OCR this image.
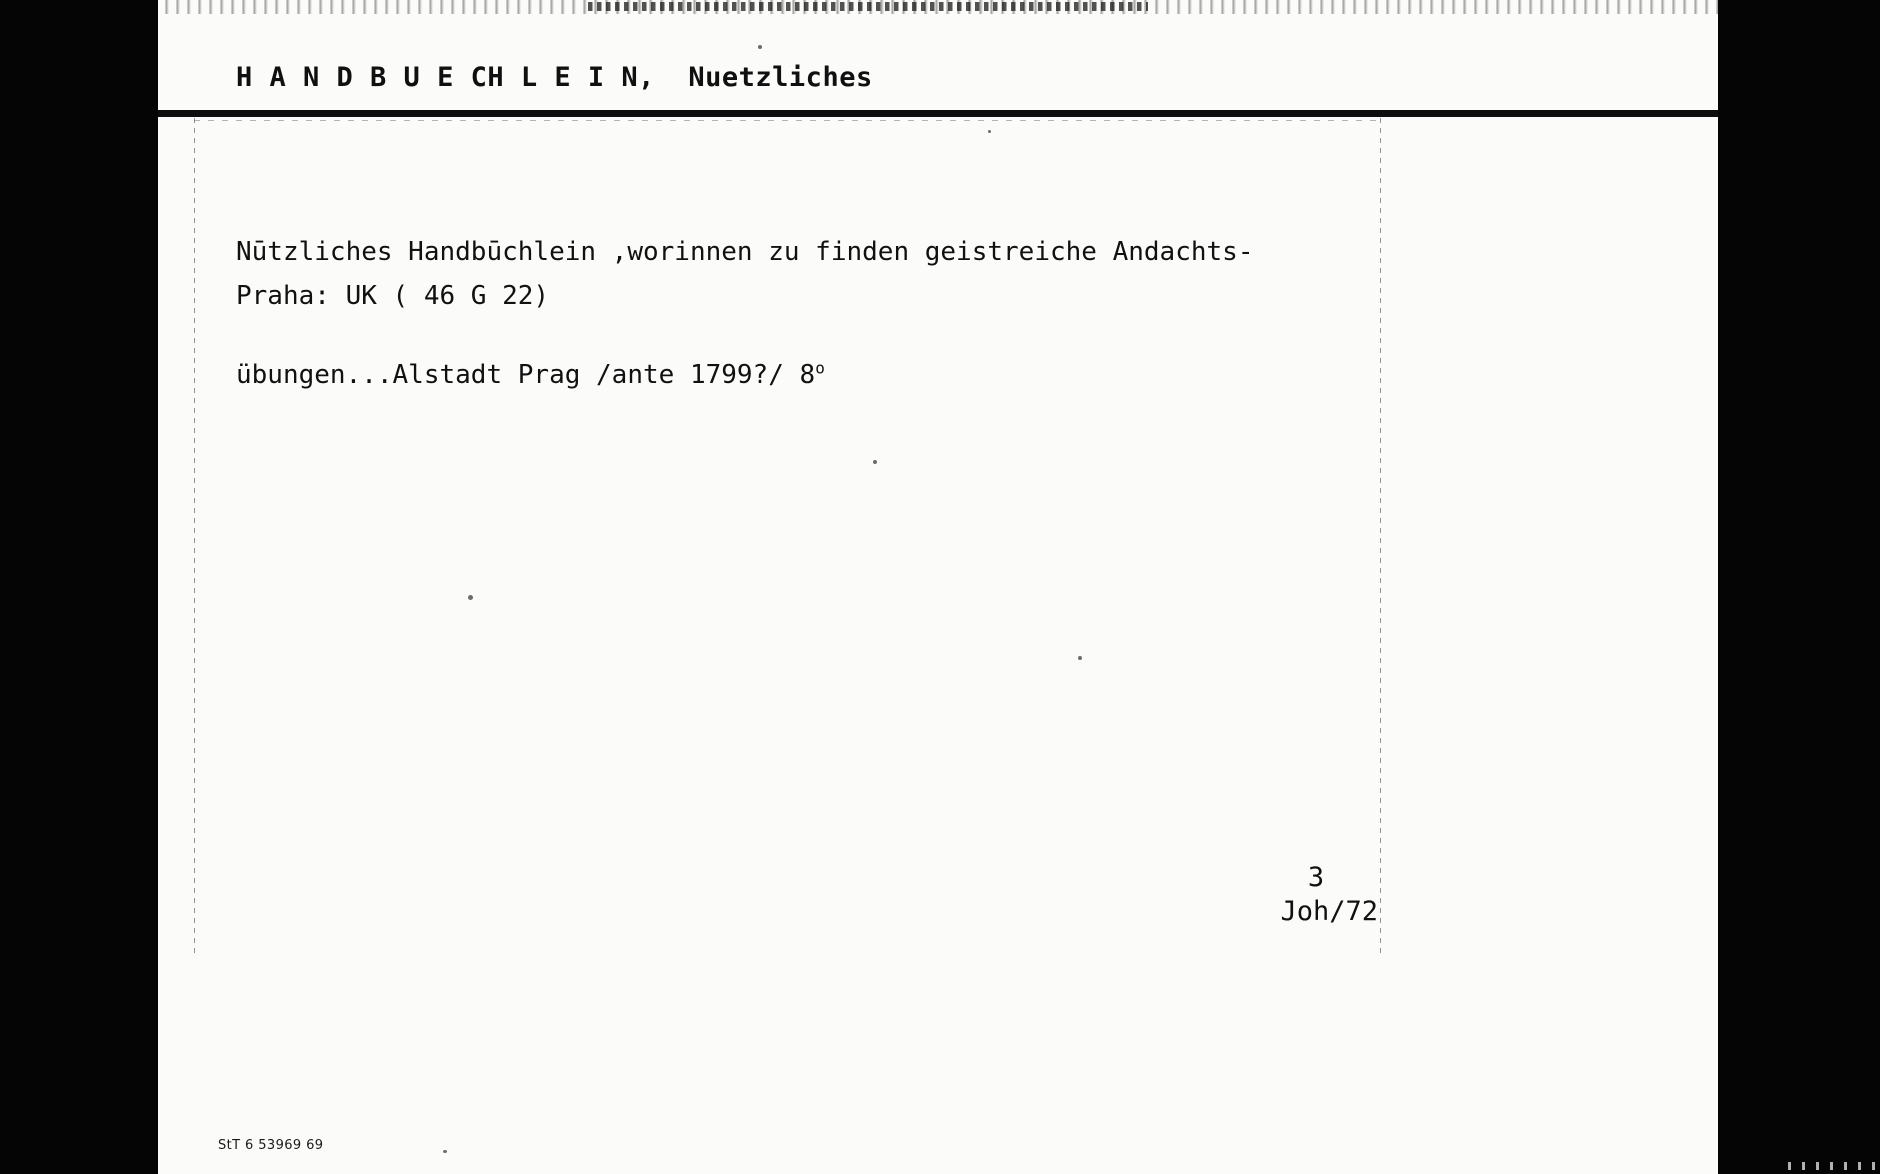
H A N D B U E CH L E I N,  Nuetzliches

Nūtzliches Handbūchlein ,worinnen zu finden geistreiche Andachts-

übungen...Alstadt Prag /ante 1799?/ 8$^o$

Praha: UK ( 46 G 22)
3
Joh/72
StT 6 53969 69
